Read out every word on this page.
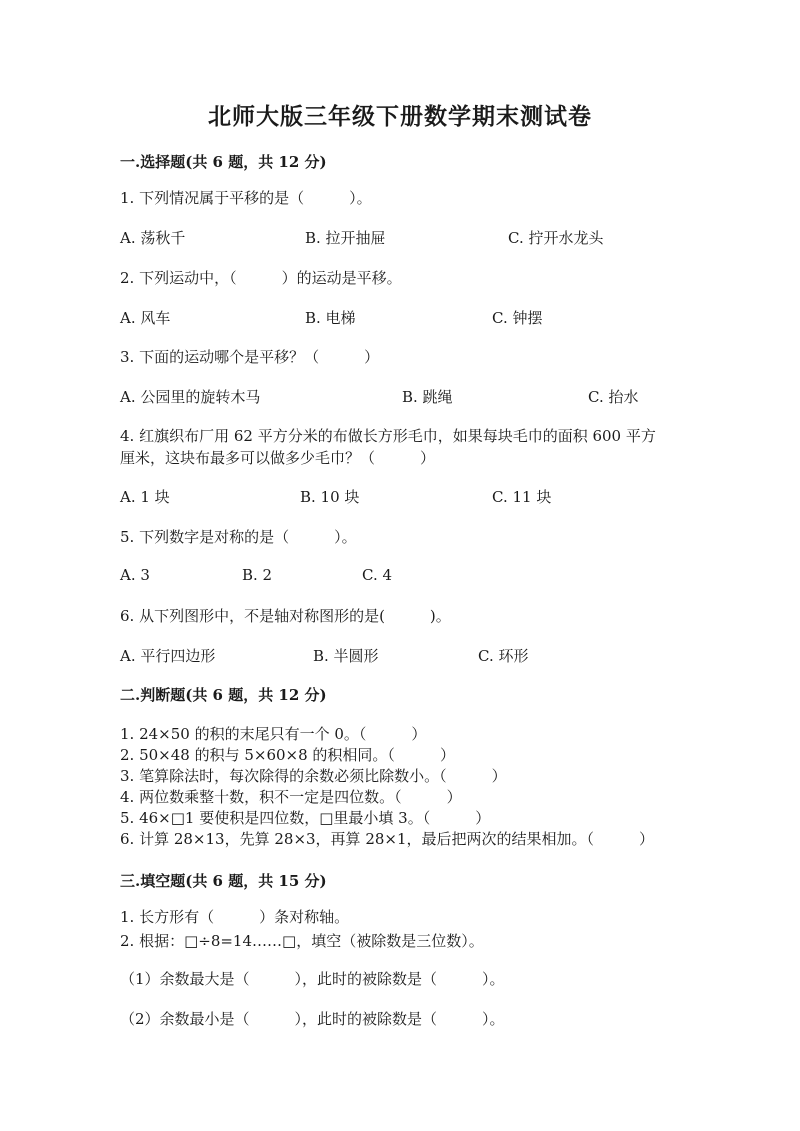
北师大版三年级下册数学期末测试卷
一.选择题(共 6 题，共 12 分)
1. 下列情况属于平移的是（　　　）。
A. 荡秋千	B. 拉开抽屉	C. 拧开水龙头
2. 下列运动中，（　　　）的运动是平移。
A. 风车	B. 电梯	C. 钟摆
3. 下面的运动哪个是平移？（　　　）
A. 公园里的旋转木马	B. 跳绳	C. 抬水
4. 红旗织布厂用 62 平方分米的布做长方形毛巾，如果每块毛巾的面积 600 平方
厘米，这块布最多可以做多少毛巾？（　　　）
A. 1 块	B. 10 块	C. 11 块
5. 下列数字是对称的是（　　　）。
A. 3	B. 2	C. 4
6. 从下列图形中，不是轴对称图形的是(　　　)。
A. 平行四边形	B. 半圆形	C. 环形
二.判断题(共 6 题，共 12 分)
1. 24×50 的积的末尾只有一个 0。（　　　）
2. 50×48 的积与 5×60×8 的积相同。（　　　）
3. 笔算除法时，每次除得的余数必须比除数小。（　　　）
4. 两位数乘整十数，积不一定是四位数。（　　　）
5. 46×□1 要使积是四位数，□里最小填 3。（　　　）
6. 计算 28×13，先算 28×3，再算 28×1，最后把两次的结果相加。（　　　）
三.填空题(共 6 题，共 15 分)
1. 长方形有（　　　）条对称轴。
2. 根据：□÷8=14……□，填空（被除数是三位数）。
（1）余数最大是（　　　），此时的被除数是（　　　）。
（2）余数最小是（　　　），此时的被除数是（　　　）。
